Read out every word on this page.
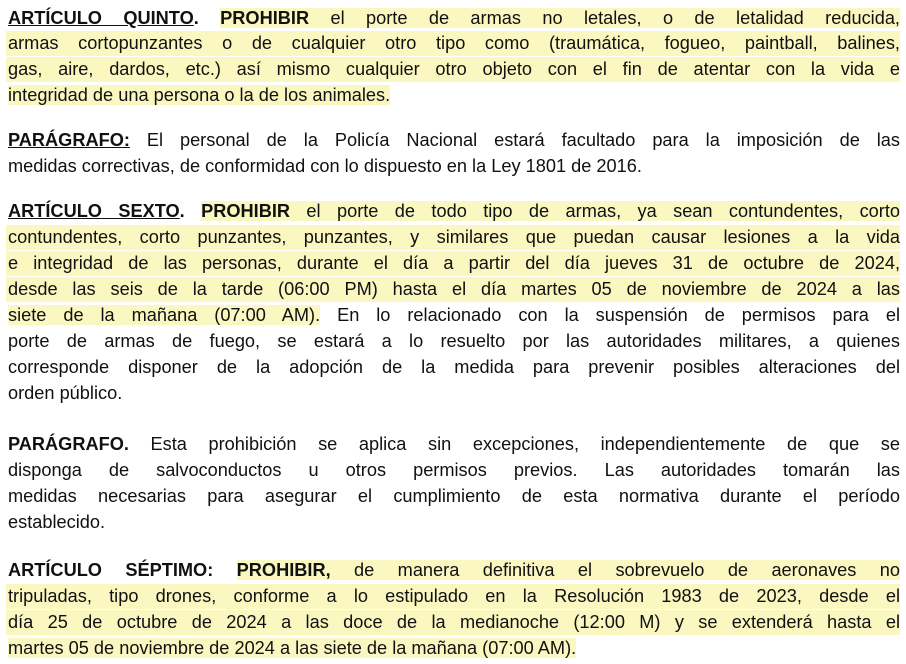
ARTÍCULO QUINTO. PROHIBIR el porte de armas no letales, o de letalidad reducida,
armas cortopunzantes o de cualquier otro tipo como (traumática, fogueo, paintball, balines,
gas, aire, dardos, etc.) así mismo cualquier otro objeto con el fin de atentar con la vida e
integridad de una persona o la de los animales.
PARÁGRAFO: El personal de la Policía Nacional estará facultado para la imposición de las
medidas correctivas, de conformidad con lo dispuesto en la Ley 1801 de 2016.
ARTÍCULO SEXTO. PROHIBIR el porte de todo tipo de armas, ya sean contundentes, corto
contundentes, corto punzantes, punzantes, y similares que puedan causar lesiones a la vida
e integridad de las personas, durante el día a partir del día jueves 31 de octubre de 2024,
desde las seis de la tarde (06:00 PM) hasta el día martes 05 de noviembre de 2024 a las
siete de la mañana (07:00 AM). En lo relacionado con la suspensión de permisos para el
porte de armas de fuego, se estará a lo resuelto por las autoridades militares, a quienes
corresponde disponer de la adopción de la medida para prevenir posibles alteraciones del
orden público.
PARÁGRAFO. Esta prohibición se aplica sin excepciones, independientemente de que se
disponga de salvoconductos u otros permisos previos. Las autoridades tomarán las
medidas necesarias para asegurar el cumplimiento de esta normativa durante el período
establecido.
ARTÍCULO SÉPTIMO: PROHIBIR, de manera definitiva el sobrevuelo de aeronaves no
tripuladas, tipo drones, conforme a lo estipulado en la Resolución 1983 de 2023, desde el
día 25 de octubre de 2024 a las doce de la medianoche (12:00 M) y se extenderá hasta el
martes 05 de noviembre de 2024 a las siete de la mañana (07:00 AM).
